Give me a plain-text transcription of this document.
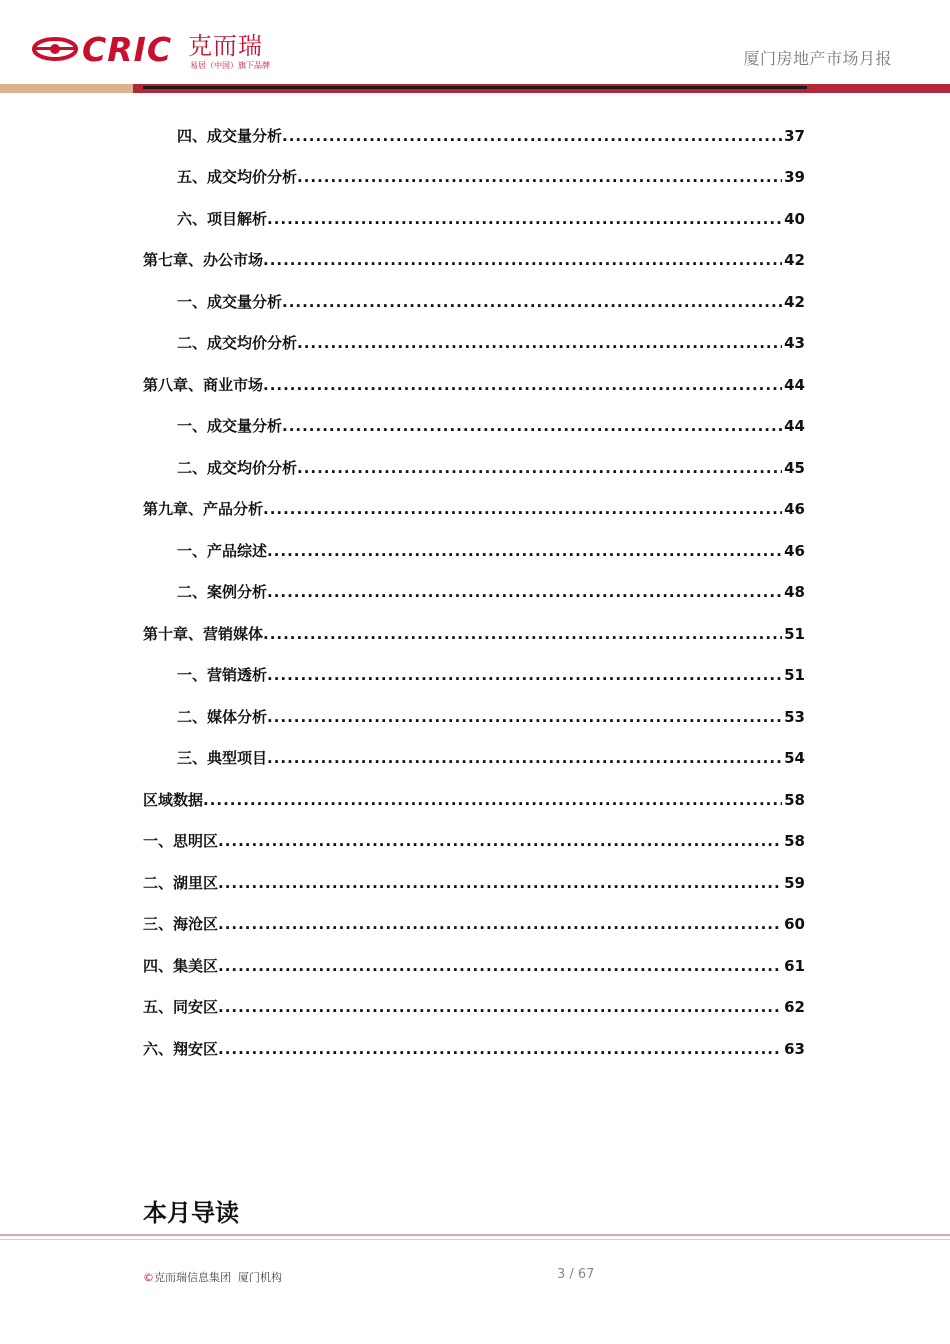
CRIC 克而瑞
易居（中国）旗下品牌	厦门房地产市场月报
四、成交量分析 .....	37
五、成交均价分析 .....	39
六、项目解析 .....	40
第七章、办公市场 .....	42
一、成交量分析 .....	42
二、成交均价分析 .....	43
第八章、商业市场 .....	44
一、成交量分析 .....	44
二、成交均价分析 .....	45
第九章、产品分析 .....	46
一、产品综述 .....	46
二、案例分析 .....	48
第十章、营销媒体 .....	51
一、营销透析 .....	51
二、媒体分析 .....	53
三、典型项目 .....	54
区域数据 .....	58
一、思明区 .....	58
二、湖里区 .....	59
三、海沧区 .....	60
四、集美区 .....	61
五、同安区 .....	62
六、翔安区 .....	63
本月导读
©克而瑞信息集团 厦门机构	3 / 67
